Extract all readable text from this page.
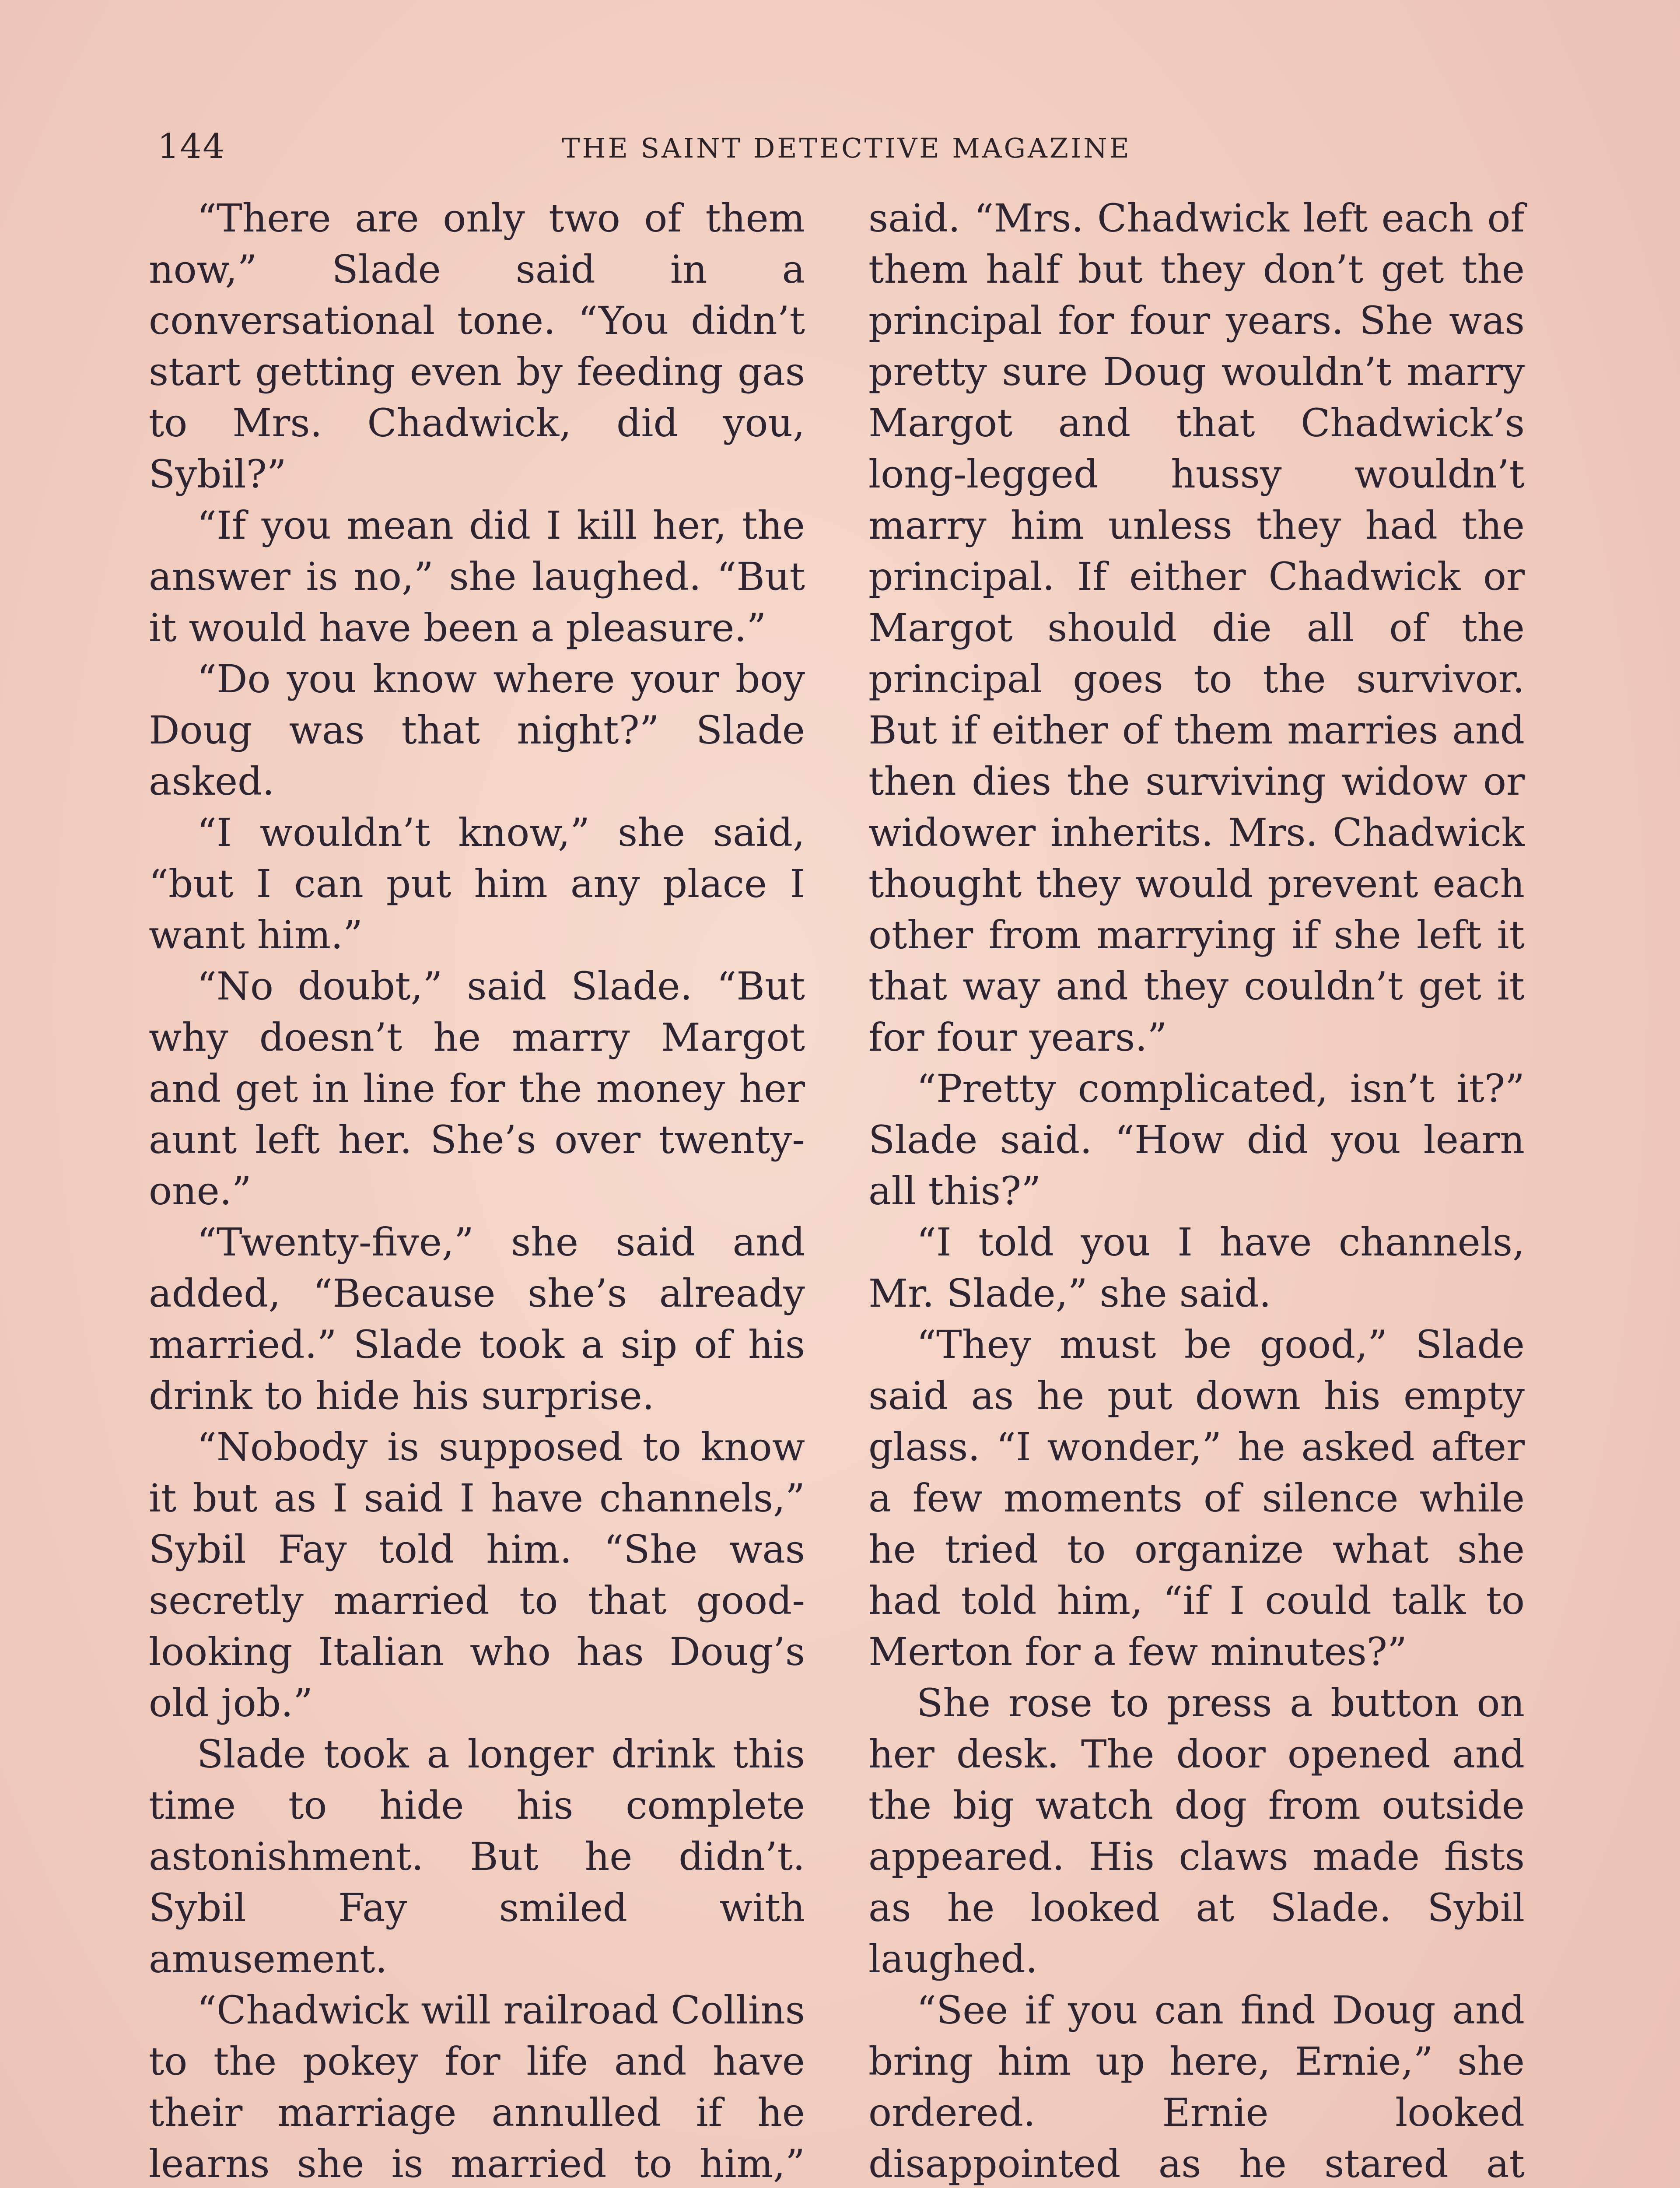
144	THE SAINT DETECTIVE MAGAZINE

“There are only two of them now,” Slade said in a conversational tone. “You didn’t start getting even by feeding gas to Mrs. Chadwick, did you, Sybil?”

“If you mean did I kill her, the answer is no,” she laughed. “But it would have been a pleasure.”

“Do you know where your boy Doug was that night?” Slade asked.

“I wouldn’t know,” she said, “but I can put him any place I want him.”

“No doubt,” said Slade. “But why doesn’t he marry Margot and get in line for the money her aunt left her. She’s over twenty-one.”

“Twenty-five,” she said and added, “Because she’s already married.” Slade took a sip of his drink to hide his surprise.

“Nobody is supposed to know it but as I said I have channels,” Sybil Fay told him. “She was secretly married to that good-looking Italian who has Doug’s old job.”

Slade took a longer drink this time to hide his complete astonishment. But he didn’t. Sybil Fay smiled with amusement.

“Chadwick will railroad Collins to the pokey for life and have their marriage annulled if he learns she is married to him,”

said. “Mrs. Chadwick left each of them half but they don’t get the principal for four years. She was pretty sure Doug wouldn’t marry Margot and that Chadwick’s long-legged hussy wouldn’t marry him unless they had the principal. If either Chadwick or Margot should die all of the principal goes to the survivor. But if either of them marries and then dies the surviving widow or widower inherits. Mrs. Chadwick thought they would prevent each other from marrying if she left it that way and they couldn’t get it for four years.”

“Pretty complicated, isn’t it?” Slade said. “How did you learn all this?”

“I told you I have channels, Mr. Slade,” she said.

“They must be good,” Slade said as he put down his empty glass. “I wonder,” he asked after a few moments of silence while he tried to organize what she had told him, “if I could talk to Merton for a few minutes?”

She rose to press a button on her desk. The door opened and the big watch dog from outside appeared. His claws made fists as he looked at Slade. Sybil laughed.

“See if you can find Doug and bring him up here, Ernie,” she ordered. Ernie looked disappointed as he stared at
